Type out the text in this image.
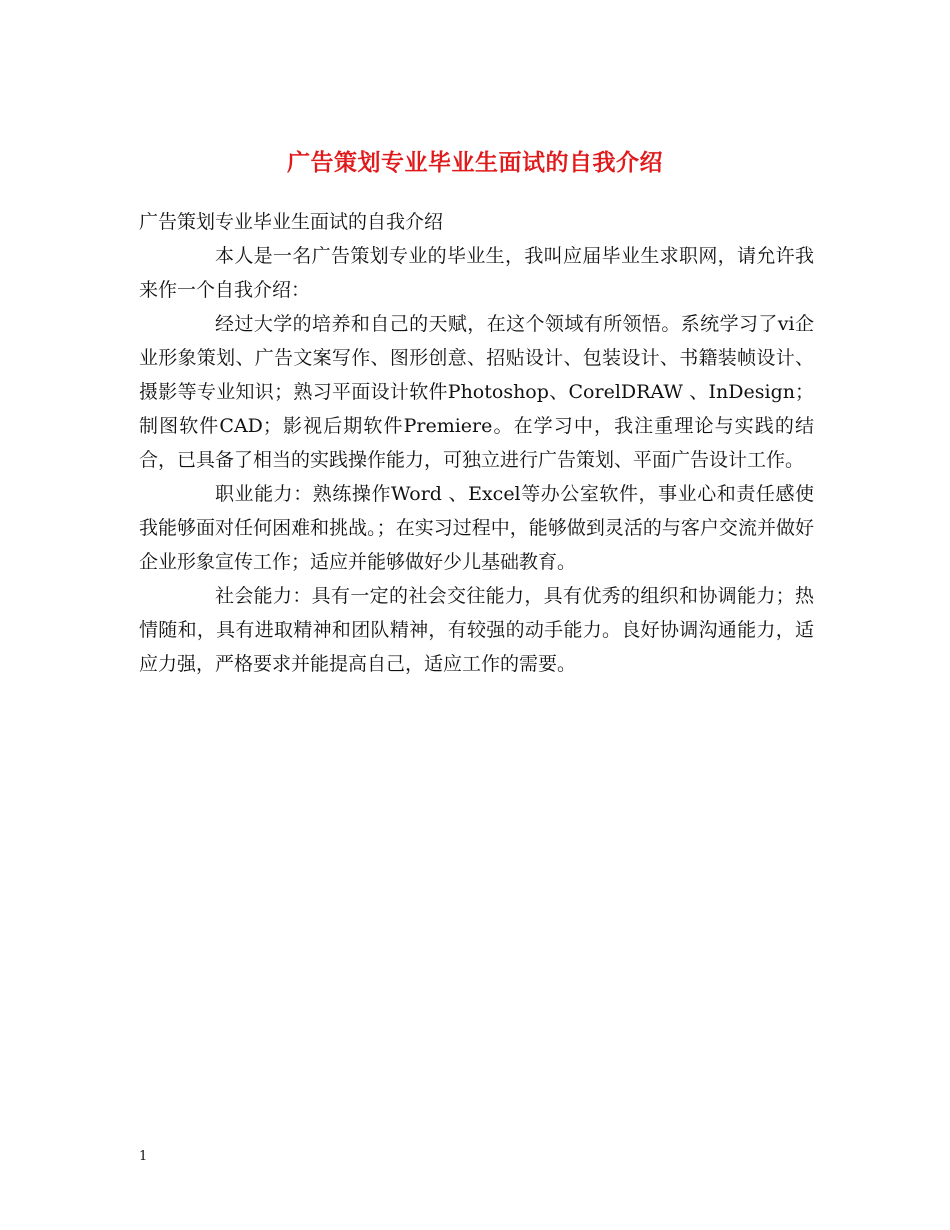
广告策划专业毕业生面试的自我介绍

广告策划专业毕业生面试的自我介绍

本人是一名广告策划专业的毕业生，我叫应届毕业生求职网，请允许我来作一个自我介绍：

经过大学的培养和自己的天赋，在这个领域有所领悟。系统学习了vi企业形象策划、广告文案写作、图形创意、招贴设计、包装设计、书籍装帧设计、摄影等专业知识；熟习平面设计软件Photoshop、CorelDRAW 、InDesign；制图软件CAD；影视后期软件Premiere。在学习中，我注重理论与实践的结合，已具备了相当的实践操作能力，可独立进行广告策划、平面广告设计工作。

职业能力：熟练操作Word 、Excel等办公室软件，事业心和责任感使我能够面对任何困难和挑战。；在实习过程中，能够做到灵活的与客户交流并做好企业形象宣传工作；适应并能够做好少儿基础教育。

社会能力：具有一定的社会交往能力，具有优秀的组织和协调能力；热情随和，具有进取精神和团队精神，有较强的动手能力。良好协调沟通能力，适应力强，严格要求并能提高自己，适应工作的需要。

1
